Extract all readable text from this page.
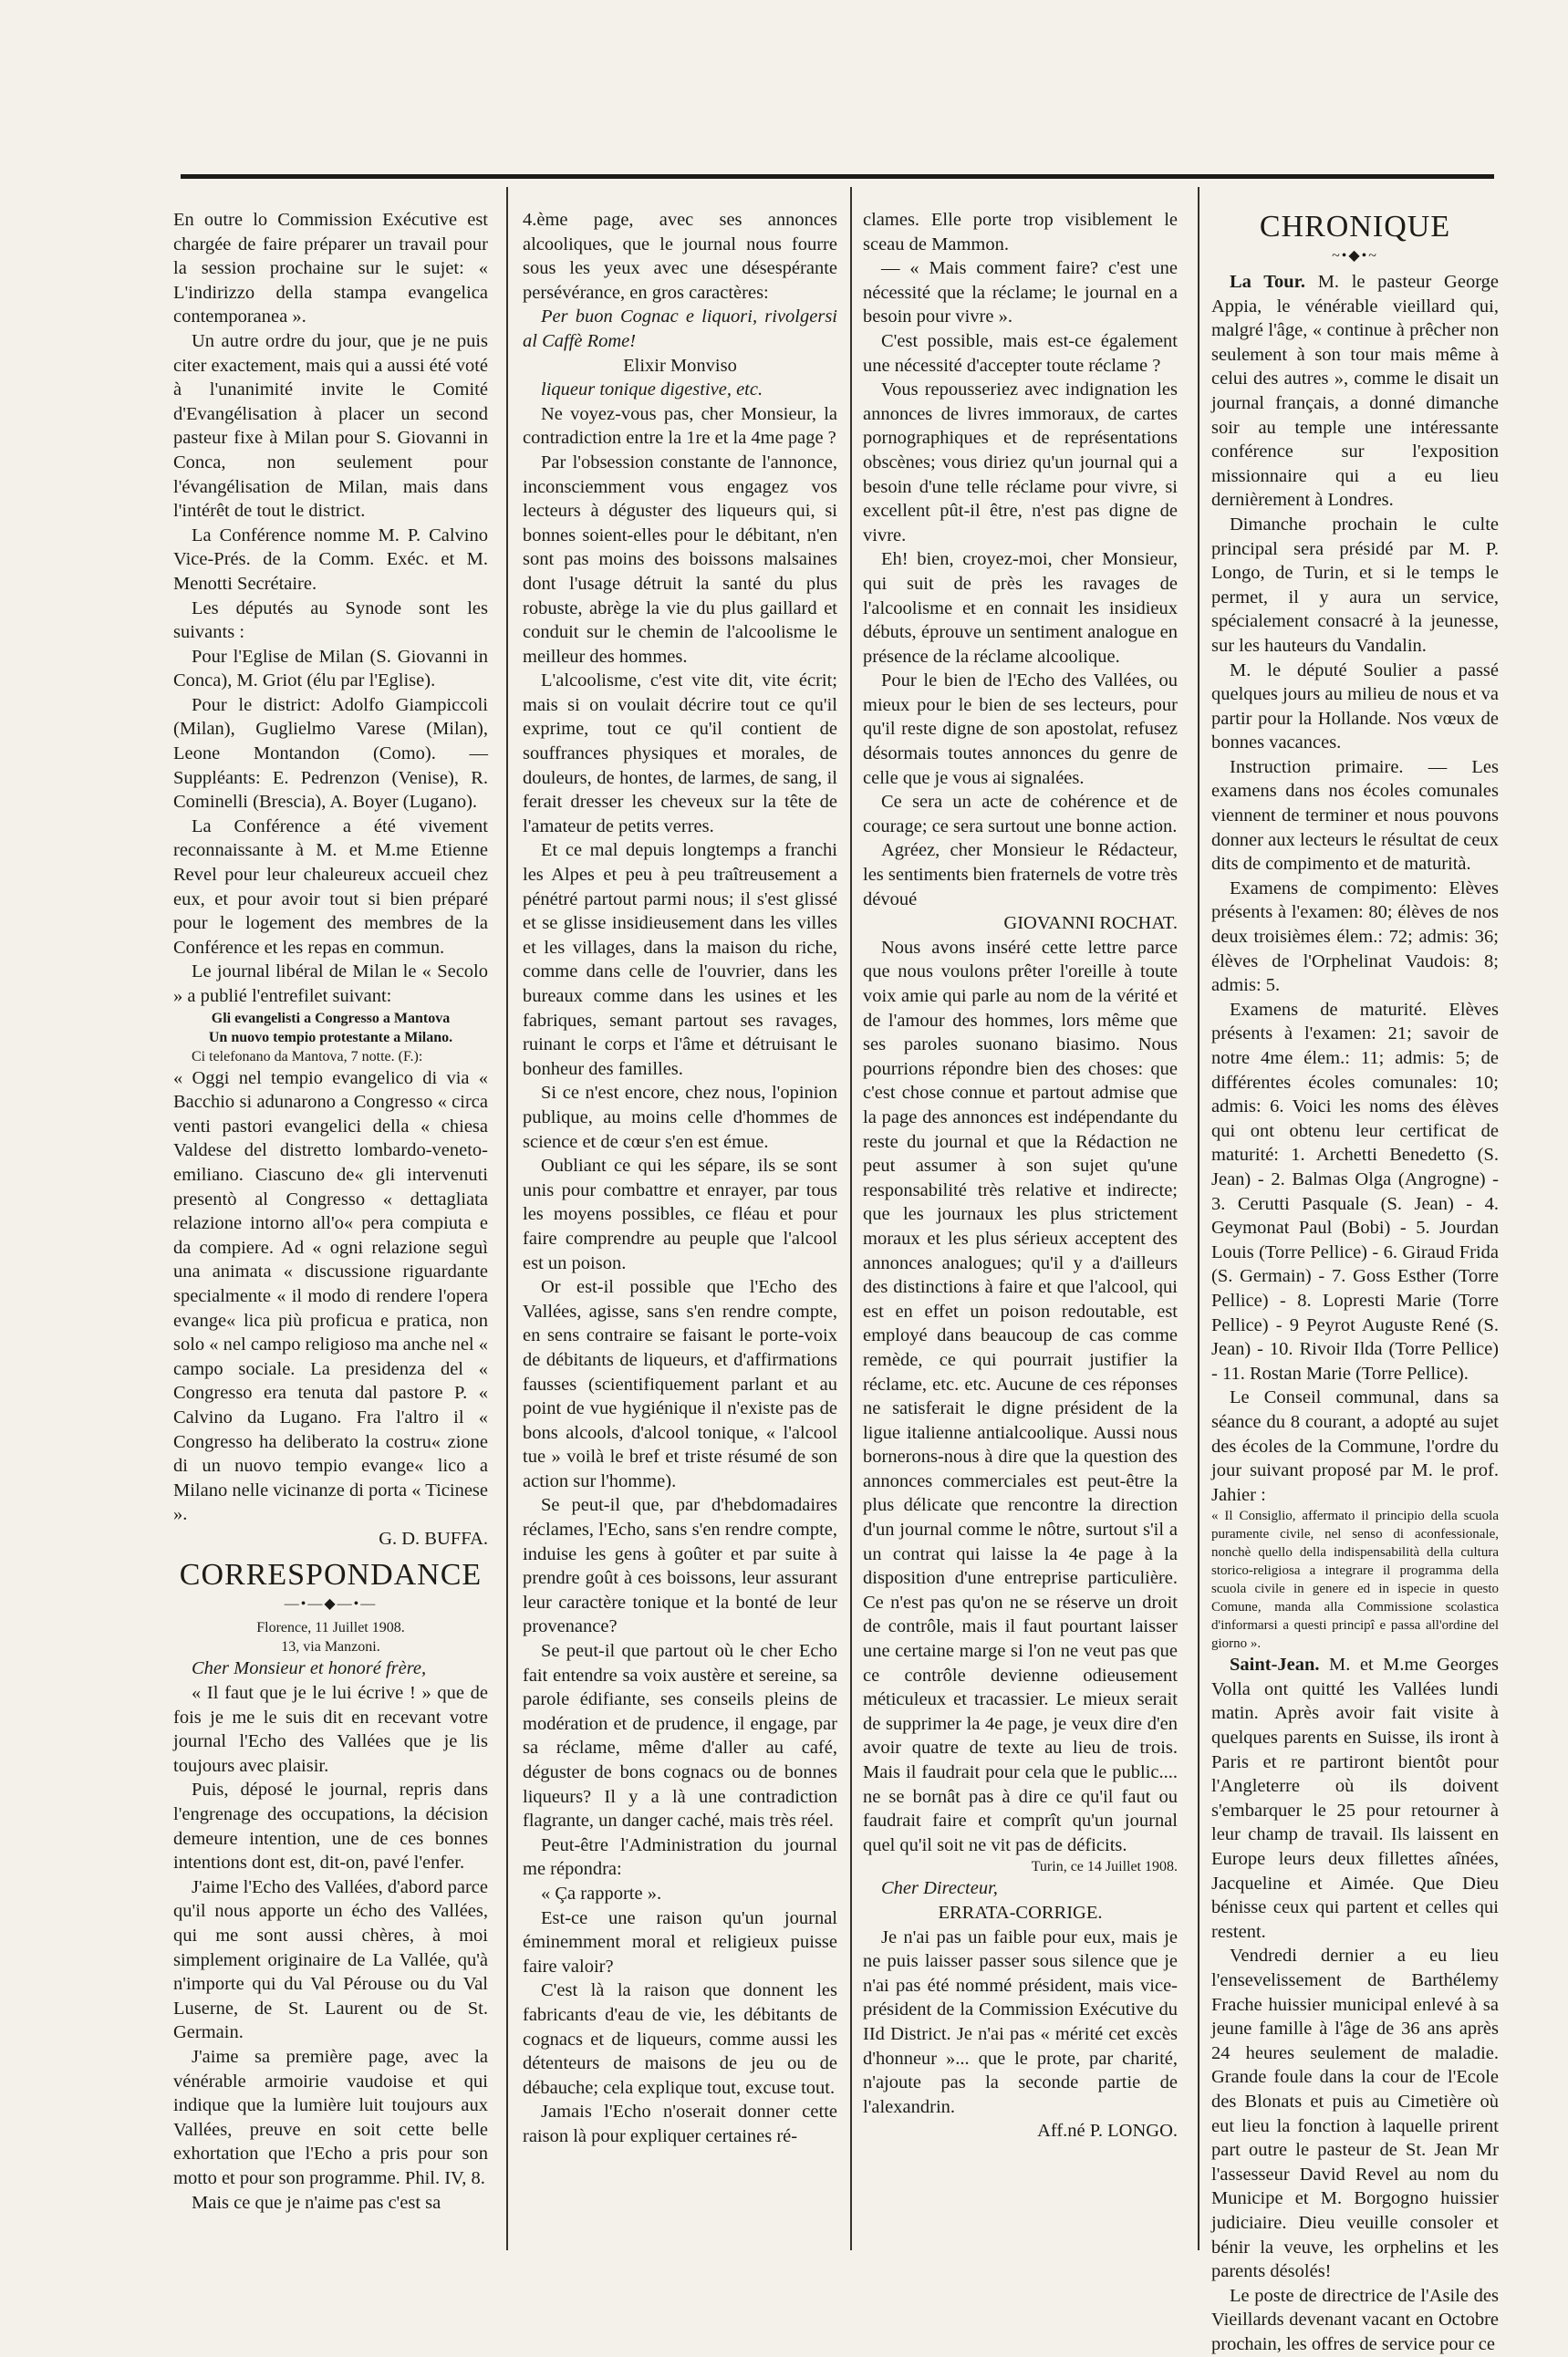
En outre lo Commission Exécutive est chargée de faire préparer un travail pour la session prochaine sur le sujet: « L'indirizzo della stampa evangelica contemporanea ».

Un autre ordre du jour, que je ne puis citer exactement, mais qui a aussi été voté à l'unanimité invite le Comité d'Evangélisation à placer un second pasteur fixe à Milan pour S. Giovanni in Conca, non seulement pour l'évangélisation de Milan, mais dans l'intérêt de tout le district.

La Conférence nomme M. P. Calvino Vice-Prés. de la Comm. Exéc. et M. Menotti Secrétaire.

Les députés au Synode sont les suivants :

Pour l'Eglise de Milan (S. Giovanni in Conca), M. Griot (élu par l'Eglise).

Pour le district: Adolfo Giampiccoli (Milan), Guglielmo Varese (Milan), Leone Montandon (Como). — Suppléants: E. Pedrenzon (Venise), R. Cominelli (Brescia), A. Boyer (Lugano).

La Conférence a été vivement reconnaissante à M. et M.me Etienne Revel pour leur chaleureux accueil chez eux, et pour avoir tout si bien préparé pour le logement des membres de la Conférence et les repas en commun.

Le journal libéral de Milan le « Secolo » a publié l'entrefilet suivant:

Gli evangelisti a Congresso a Mantova

Un nuovo tempio protestante a Milano.

Ci telefonano da Mantova, 7 notte. (F.):

« Oggi nel tempio evangelico di via « Bacchio si adunarono a Congresso « circa venti pastori evangelici della « chiesa Valdese del distretto lombardo-veneto-emiliano. Ciascuno de« gli intervenuti presentò al Congresso « dettagliata relazione intorno all'o« pera compiuta e da compiere. Ad « ogni relazione seguì una animata « discussione riguardante specialmente « il modo di rendere l'opera evange« lica più proficua e pratica, non solo « nel campo religioso ma anche nel « campo sociale. La presidenza del « Congresso era tenuta dal pastore P. « Calvino da Lugano. Fra l'altro il « Congresso ha deliberato la costru« zione di un nuovo tempio evange« lico a Milano nelle vicinanze di porta « Ticinese ».

G. D. BUFFA.

CORRESPONDANCE
—•—◆—•—

Florence, 11 Juillet 1908.

13, via Manzoni.

Cher Monsieur et honoré frère,

« Il faut que je le lui écrive ! » que de fois je me le suis dit en recevant votre journal l'Echo des Vallées que je lis toujours avec plaisir.

Puis, déposé le journal, repris dans l'engrenage des occupations, la décision demeure intention, une de ces bonnes intentions dont est, dit-on, pavé l'enfer.

J'aime l'Echo des Vallées, d'abord parce qu'il nous apporte un écho des Vallées, qui me sont aussi chères, à moi simplement originaire de La Vallée, qu'à n'importe qui du Val Pérouse ou du Val Luserne, de St. Laurent ou de St. Germain.

J'aime sa première page, avec la vénérable armoirie vaudoise et qui indique que la lumière luit toujours aux Vallées, preuve en soit cette belle exhortation que l'Echo a pris pour son motto et pour son programme. Phil. IV, 8.

Mais ce que je n'aime pas c'est sa

4.ème page, avec ses annonces alcooliques, que le journal nous fourre sous les yeux avec une désespérante persévérance, en gros caractères:

Per buon Cognac e liquori, rivolgersi al Caffè Rome!

Elixir Monviso

liqueur tonique digestive, etc.

Ne voyez-vous pas, cher Monsieur, la contradiction entre la 1re et la 4me page ?

Par l'obsession constante de l'annonce, inconsciemment vous engagez vos lecteurs à déguster des liqueurs qui, si bonnes soient-elles pour le débitant, n'en sont pas moins des boissons malsaines dont l'usage détruit la santé du plus robuste, abrège la vie du plus gaillard et conduit sur le chemin de l'alcoolisme le meilleur des hommes.

L'alcoolisme, c'est vite dit, vite écrit; mais si on voulait décrire tout ce qu'il exprime, tout ce qu'il contient de souffrances physiques et morales, de douleurs, de hontes, de larmes, de sang, il ferait dresser les cheveux sur la tête de l'amateur de petits verres.

Et ce mal depuis longtemps a franchi les Alpes et peu à peu traîtreusement a pénétré partout parmi nous; il s'est glissé et se glisse insidieusement dans les villes et les villages, dans la maison du riche, comme dans celle de l'ouvrier, dans les bureaux comme dans les usines et les fabriques, semant partout ses ravages, ruinant le corps et l'âme et détruisant le bonheur des familles.

Si ce n'est encore, chez nous, l'opinion publique, au moins celle d'hommes de science et de cœur s'en est émue.

Oubliant ce qui les sépare, ils se sont unis pour combattre et enrayer, par tous les moyens possibles, ce fléau et pour faire comprendre au peuple que l'alcool est un poison.

Or est-il possible que l'Echo des Vallées, agisse, sans s'en rendre compte, en sens contraire se faisant le porte-voix de débitants de liqueurs, et d'affirmations fausses (scientifiquement parlant et au point de vue hygiénique il n'existe pas de bons alcools, d'alcool tonique, « l'alcool tue » voilà le bref et triste résumé de son action sur l'homme).

Se peut-il que, par d'hebdomadaires réclames, l'Echo, sans s'en rendre compte, induise les gens à goûter et par suite à prendre goût à ces boissons, leur assurant leur caractère tonique et la bonté de leur provenance?

Se peut-il que partout où le cher Echo fait entendre sa voix austère et sereine, sa parole édifiante, ses conseils pleins de modération et de prudence, il engage, par sa réclame, même d'aller au café, déguster de bons cognacs ou de bonnes liqueurs? Il y a là une contradiction flagrante, un danger caché, mais très réel.

Peut-être l'Administration du journal me répondra:

« Ça rapporte ».

Est-ce une raison qu'un journal éminemment moral et religieux puisse faire valoir?

C'est là la raison que donnent les fabricants d'eau de vie, les débitants de cognacs et de liqueurs, comme aussi les détenteurs de maisons de jeu ou de débauche; cela explique tout, excuse tout.

Jamais l'Echo n'oserait donner cette raison là pour expliquer certaines ré-

clames. Elle porte trop visiblement le sceau de Mammon.

— « Mais comment faire? c'est une nécessité que la réclame; le journal en a besoin pour vivre ».

C'est possible, mais est-ce également une nécessité d'accepter toute réclame ?

Vous repousseriez avec indignation les annonces de livres immoraux, de cartes pornographiques et de représentations obscènes; vous diriez qu'un journal qui a besoin d'une telle réclame pour vivre, si excellent pût-il être, n'est pas digne de vivre.

Eh! bien, croyez-moi, cher Monsieur, qui suit de près les ravages de l'alcoolisme et en connait les insidieux débuts, éprouve un sentiment analogue en présence de la réclame alcoolique.

Pour le bien de l'Echo des Vallées, ou mieux pour le bien de ses lecteurs, pour qu'il reste digne de son apostolat, refusez désormais toutes annonces du genre de celle que je vous ai signalées.

Ce sera un acte de cohérence et de courage; ce sera surtout une bonne action.

Agréez, cher Monsieur le Rédacteur, les sentiments bien fraternels de votre très dévoué

GIOVANNI ROCHAT.

Nous avons inséré cette lettre parce que nous voulons prêter l'oreille à toute voix amie qui parle au nom de la vérité et de l'amour des hommes, lors même que ses paroles suonano biasimo. Nous pourrions répondre bien des choses: que c'est chose connue et partout admise que la page des annonces est indépendante du reste du journal et que la Rédaction ne peut assumer à son sujet qu'une responsabilité très relative et indirecte; que les journaux les plus strictement moraux et les plus sérieux acceptent des annonces analogues; qu'il y a d'ailleurs des distinctions à faire et que l'alcool, qui est en effet un poison redoutable, est employé dans beaucoup de cas comme remède, ce qui pourrait justifier la réclame, etc. etc. Aucune de ces réponses ne satisferait le digne président de la ligue italienne antialcoolique. Aussi nous bornerons-nous à dire que la question des annonces commerciales est peut-être la plus délicate que rencontre la direction d'un journal comme le nôtre, surtout s'il a un contrat qui laisse la 4e page à la disposition d'une entreprise particulière. Ce n'est pas qu'on ne se réserve un droit de contrôle, mais il faut pourtant laisser une certaine marge si l'on ne veut pas que ce contrôle devienne odieusement méticuleux et tracassier. Le mieux serait de supprimer la 4e page, je veux dire d'en avoir quatre de texte au lieu de trois. Mais il faudrait pour cela que le public.... ne se bornât pas à dire ce qu'il faut ou faudrait faire et comprît qu'un journal quel qu'il soit ne vit pas de déficits.

Turin, ce 14 Juillet 1908.

Cher Directeur,

ERRATA-CORRIGE.

Je n'ai pas un faible pour eux, mais je ne puis laisser passer sous silence que je n'ai pas été nommé président, mais vice-président de la Commission Exécutive du IId District. Je n'ai pas « mérité cet excès d'honneur »... que le prote, par charité, n'ajoute pas la seconde partie de l'alexandrin.

Aff.né P. LONGO.

CHRONIQUE
~•◆•~

La Tour. M. le pasteur George Appia, le vénérable vieillard qui, malgré l'âge, « continue à prêcher non seulement à son tour mais même à celui des autres », comme le disait un journal français, a donné dimanche soir au temple une intéressante conférence sur l'exposition missionnaire qui a eu lieu dernièrement à Londres.

Dimanche prochain le culte principal sera présidé par M. P. Longo, de Turin, et si le temps le permet, il y aura un service, spécialement consacré à la jeunesse, sur les hauteurs du Vandalin.

M. le député Soulier a passé quelques jours au milieu de nous et va partir pour la Hollande. Nos vœux de bonnes vacances.

Instruction primaire. — Les examens dans nos écoles comunales viennent de terminer et nous pouvons donner aux lecteurs le résultat de ceux dits de compimento et de maturità.

Examens de compimento: Elèves présents à l'examen: 80; élèves de nos deux troisièmes élem.: 72; admis: 36; élèves de l'Orphelinat Vaudois: 8; admis: 5.

Examens de maturité. Elèves présents à l'examen: 21; savoir de notre 4me élem.: 11; admis: 5; de différentes écoles comunales: 10; admis: 6. Voici les noms des élèves qui ont obtenu leur certificat de maturité: 1. Archetti Benedetto (S. Jean) - 2. Balmas Olga (Angrogne) - 3. Cerutti Pasquale (S. Jean) - 4. Geymonat Paul (Bobi) - 5. Jourdan Louis (Torre Pellice) - 6. Giraud Frida (S. Germain) - 7. Goss Esther (Torre Pellice) - 8. Lopresti Marie (Torre Pellice) - 9 Peyrot Auguste René (S. Jean) - 10. Rivoir Ilda (Torre Pellice) - 11. Rostan Marie (Torre Pellice).

Le Conseil communal, dans sa séance du 8 courant, a adopté au sujet des écoles de la Commune, l'ordre du jour suivant proposé par M. le prof. Jahier :

« Il Consiglio, affermato il principio della scuola puramente civile, nel senso di aconfessionale, nonchè quello della indispensabilità della cultura storico-religiosa a integrare il programma della scuola civile in genere ed in ispecie in questo Comune, manda alla Commissione scolastica d'informarsi a questi principî e passa all'ordine del giorno ».

Saint-Jean. M. et M.me Georges Volla ont quitté les Vallées lundi matin. Après avoir fait visite à quelques parents en Suisse, ils iront à Paris et re partiront bientôt pour l'Angleterre où ils doivent s'embarquer le 25 pour retourner à leur champ de travail. Ils laissent en Europe leurs deux fillettes aînées, Jacqueline et Aimée. Que Dieu bénisse ceux qui partent et celles qui restent.

Vendredi dernier a eu lieu l'ensevelissement de Barthélemy Frache huissier municipal enlevé à sa jeune famille à l'âge de 36 ans après 24 heures seulement de maladie. Grande foule dans la cour de l'Ecole des Blonats et puis au Cimetière où eut lieu la fonction à laquelle prirent part outre le pasteur de St. Jean Mr l'assesseur David Revel au nom du Municipe et M. Borgogno huissier judiciaire. Dieu veuille consoler et bénir la veuve, les orphelins et les parents désolés!

Le poste de directrice de l'Asile des Vieillards devenant vacant en Octobre prochain, les offres de service pour ce
